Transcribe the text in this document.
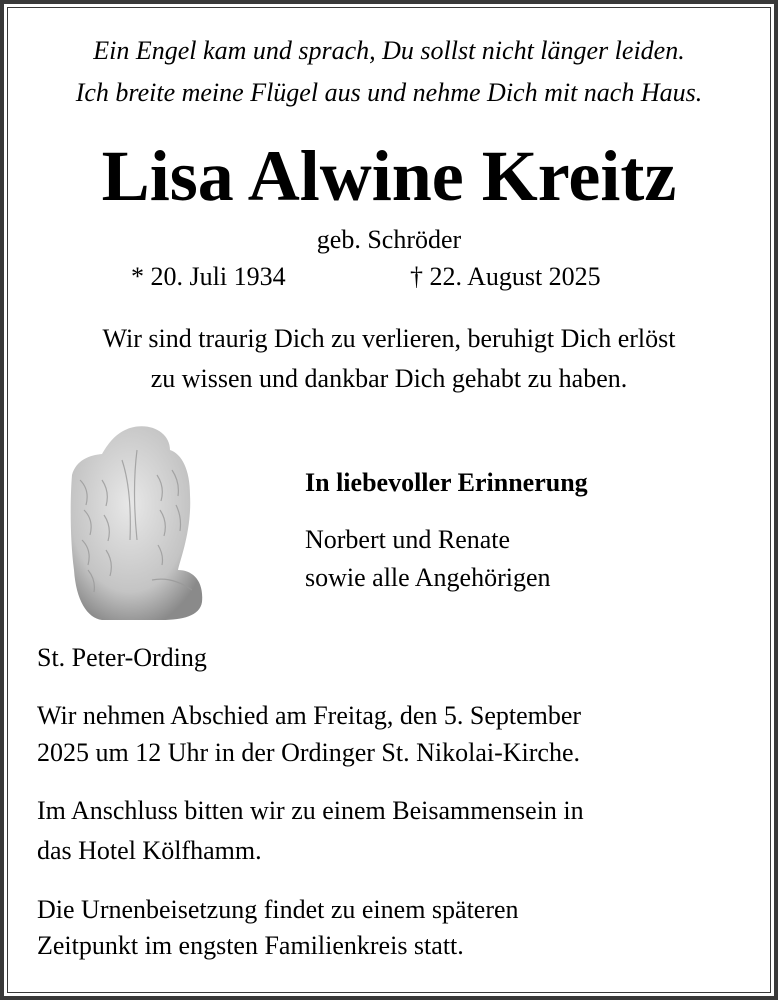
Ein Engel kam und sprach, Du sollst nicht länger leiden.
Ich breite meine Flügel aus und nehme Dich mit nach Haus.
Lisa Alwine Kreitz
geb. Schröder
* 20. Juli 1934	† 22. August 2025
Wir sind traurig Dich zu verlieren, beruhigt Dich erlöst
zu wissen und dankbar Dich gehabt zu haben.
In liebevoller Erinnerung
Norbert und Renate
sowie alle Angehörigen
St. Peter-Ording
Wir nehmen Abschied am Freitag, den 5. September
2025 um 12 Uhr in der Ordinger St. Nikolai-Kirche.
Im Anschluss bitten wir zu einem Beisammensein in
das Hotel Kölfhamm.
Die Urnenbeisetzung findet zu einem späteren
Zeitpunkt im engsten Familienkreis statt.
